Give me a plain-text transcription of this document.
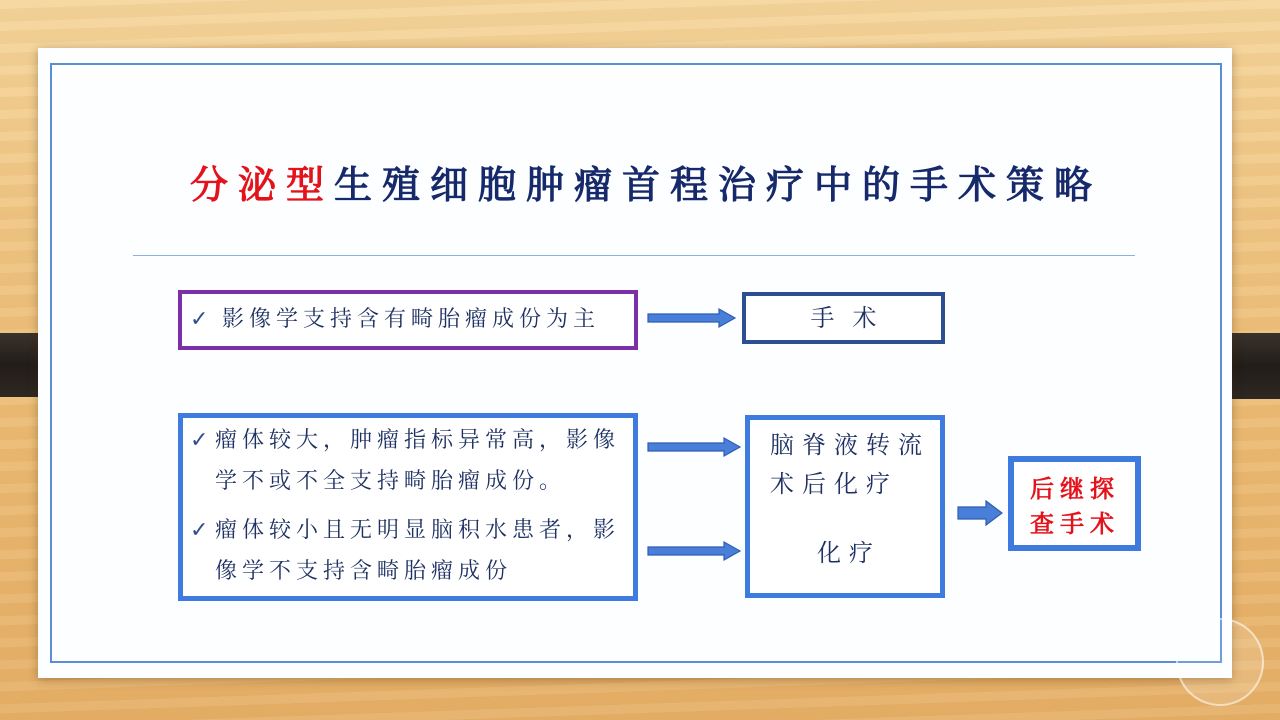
分泌型生殖细胞肿瘤首程治疗中的手术策略
✓
影像学支持含有畸胎瘤成份为主	手术
✓
瘤体较大，肿瘤指标异常高，影像学不或不全支持畸胎瘤成份。
✓
瘤体较小且无明显脑积水患者，影像学不支持含畸胎瘤成份
脑脊液转流术后化疗
化疗
后继探查手术
